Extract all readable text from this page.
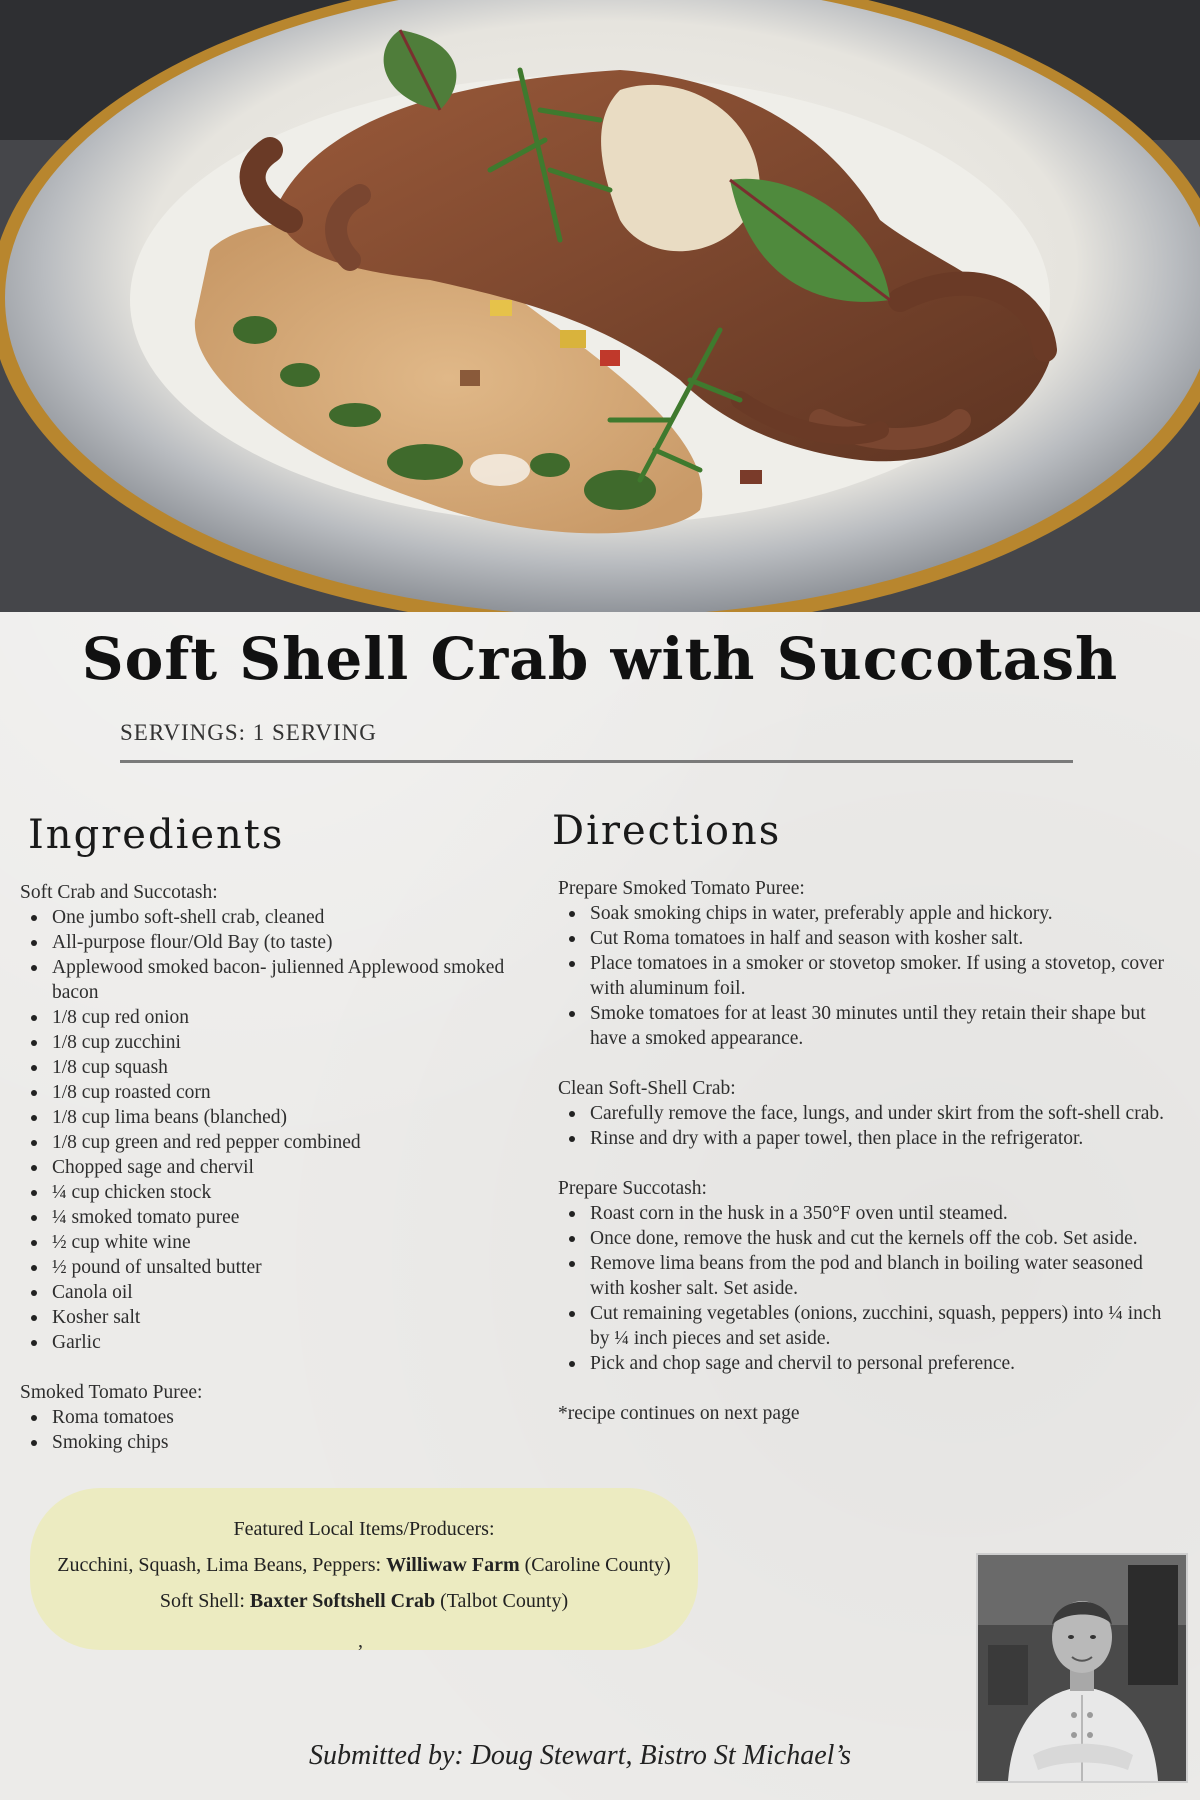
Soft Shell Crab with Succotash
SERVINGS: 1 SERVING
Ingredients

Soft Crab and Succotash:

One jumbo soft-shell crab, cleaned
All-purpose flour/Old Bay (to taste)
Applewood smoked bacon- julienned Applewood smoked bacon
1/8 cup red onion
1/8 cup zucchini
1/8 cup squash
1/8 cup roasted corn
1/8 cup lima beans (blanched)
1/8 cup green and red pepper combined
Chopped sage and chervil
¼ cup chicken stock
¼ smoked tomato puree
½ cup white wine
½ pound of unsalted butter
Canola oil
Kosher salt
Garlic

Smoked Tomato Puree:

Roma tomatoes
Smoking chips
Directions

Prepare Smoked Tomato Puree:

Soak smoking chips in water, preferably apple and hickory.
Cut Roma tomatoes in half and season with kosher salt.
Place tomatoes in a smoker or stovetop smoker. If using a stovetop, cover with aluminum foil.
Smoke tomatoes for at least 30 minutes until they retain their shape but have a smoked appearance.

Clean Soft-Shell Crab:

Carefully remove the face, lungs, and under skirt from the soft-shell crab.
Rinse and dry with a paper towel, then place in the refrigerator.

Prepare Succotash:

Roast corn in the husk in a 350°F oven until steamed.
Once done, remove the husk and cut the kernels off the cob. Set aside.
Remove lima beans from the pod and blanch in boiling water seasoned with kosher salt. Set aside.
Cut remaining vegetables (onions, zucchini, squash, peppers) into ¼ inch by ¼ inch pieces and set aside.
Pick and chop sage and chervil to personal preference.

*recipe continues on next page

Featured Local Items/Producers:
Zucchini, Squash, Lima Beans, Peppers: Williwaw Farm (Caroline County)
Soft Shell: Baxter Softshell Crab (Talbot County)
,
Submitted by: Doug Stewart, Bistro St Michael’s
